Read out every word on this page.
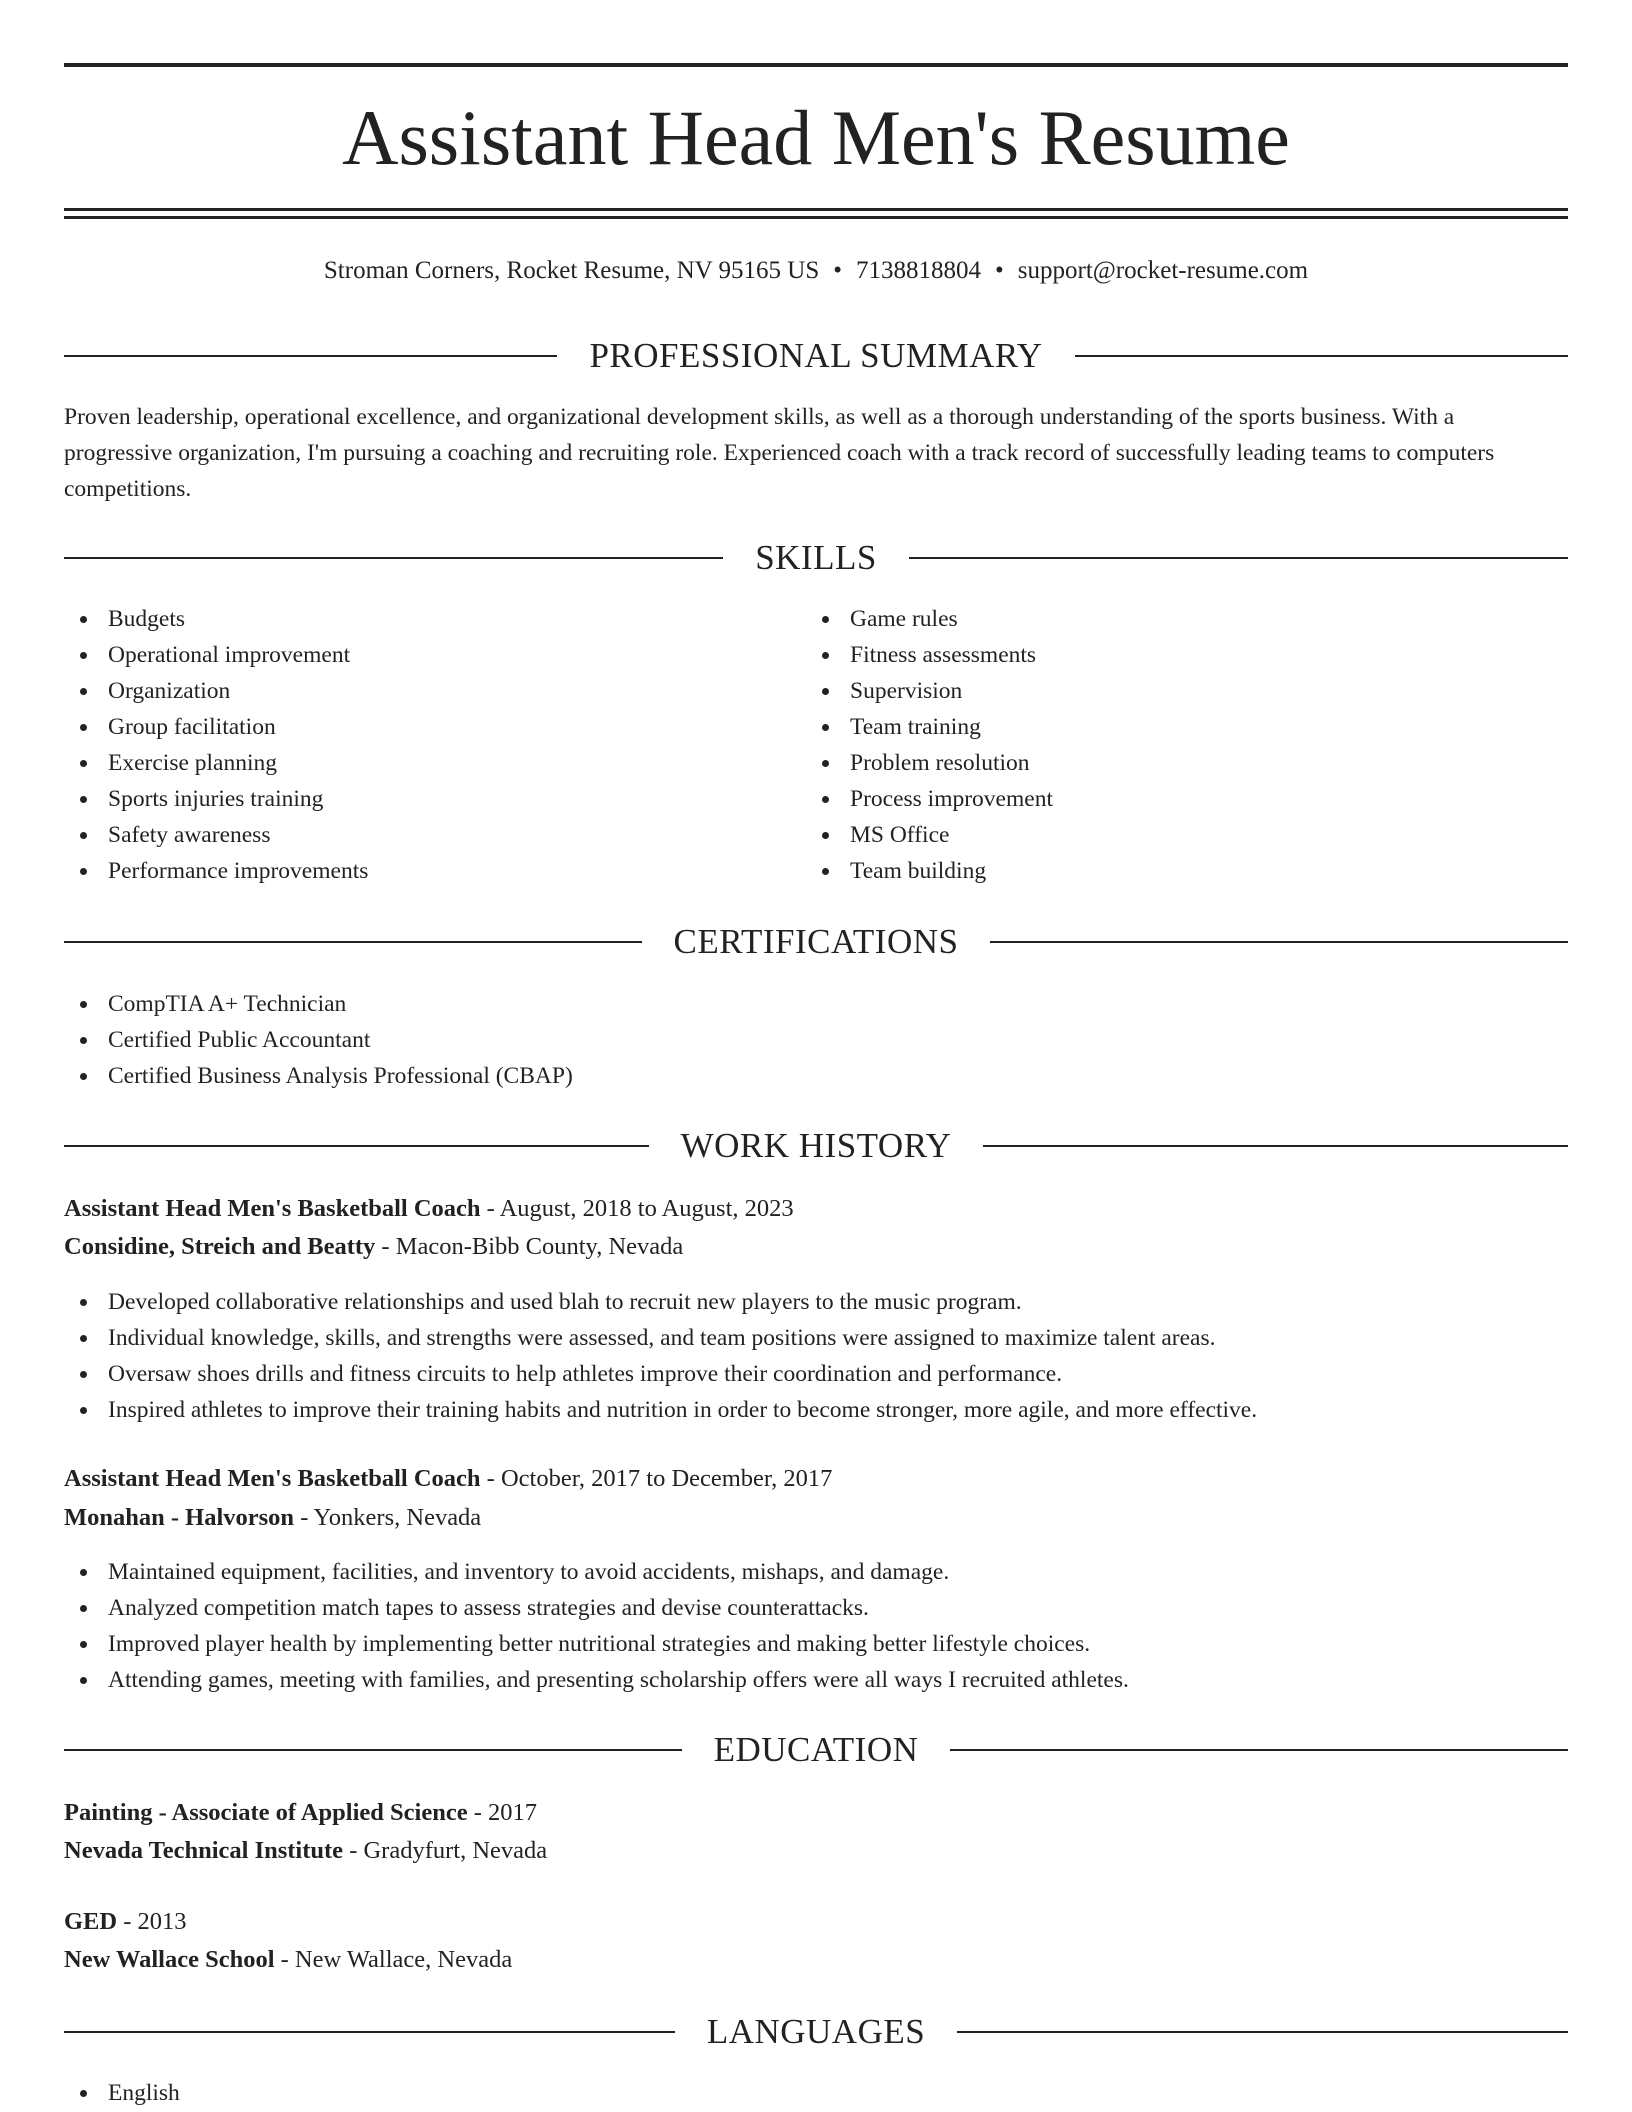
Assistant Head Men's Resume
Stroman Corners, Rocket Resume, NV 95165 US • 7138818804 • support@rocket-resume.com
PROFESSIONAL SUMMARY

Proven leadership, operational excellence, and organizational development skills, as well as a thorough understanding of the sports business. With a progressive organization, I'm pursuing a coaching and recruiting role. Experienced coach with a track record of successfully leading teams to computers competitions.

SKILLS
Budgets
Operational improvement
Organization
Group facilitation
Exercise planning
Sports injuries training
Safety awareness
Performance improvements
Game rules
Fitness assessments
Supervision
Team training
Problem resolution
Process improvement
MS Office
Team building
CERTIFICATIONS
CompTIA A+ Technician
Certified Public Accountant
Certified Business Analysis Professional (CBAP)
WORK HISTORY
Assistant Head Men's Basketball Coach - August, 2018 to August, 2023
Considine, Streich and Beatty - Macon-Bibb County, Nevada
Developed collaborative relationships and used blah to recruit new players to the music program.
Individual knowledge, skills, and strengths were assessed, and team positions were assigned to maximize talent areas.
Oversaw shoes drills and fitness circuits to help athletes improve their coordination and performance.
Inspired athletes to improve their training habits and nutrition in order to become stronger, more agile, and more effective.
Assistant Head Men's Basketball Coach - October, 2017 to December, 2017
Monahan - Halvorson - Yonkers, Nevada
Maintained equipment, facilities, and inventory to avoid accidents, mishaps, and damage.
Analyzed competition match tapes to assess strategies and devise counterattacks.
Improved player health by implementing better nutritional strategies and making better lifestyle choices.
Attending games, meeting with families, and presenting scholarship offers were all ways I recruited athletes.
EDUCATION
Painting - Associate of Applied Science - 2017
Nevada Technical Institute - Gradyfurt, Nevada
GED - 2013
New Wallace School - New Wallace, Nevada
LANGUAGES
English
